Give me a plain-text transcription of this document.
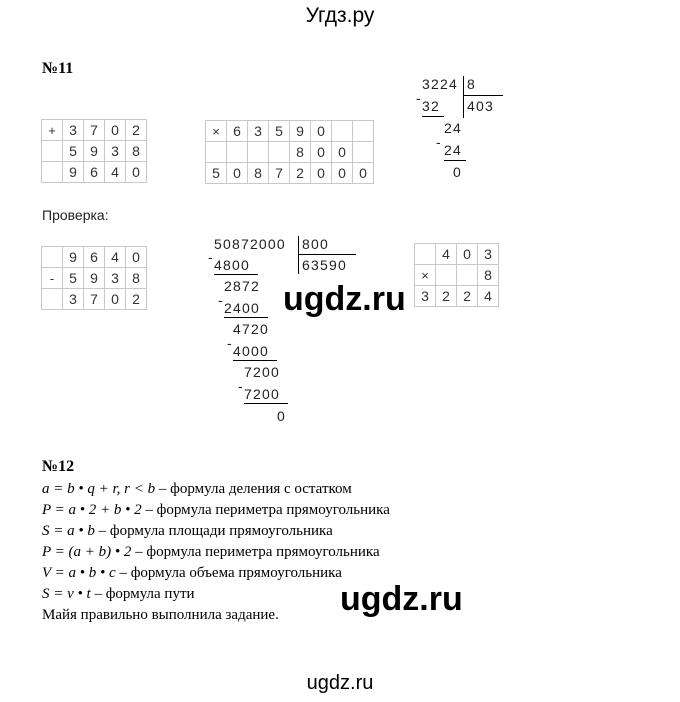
Угдз.ру
№11
+	3	7	0	2
	5	9	3	8
	9	6	4	0
×	6	3	5	9	0		
				8	0	0	
5	0	8	7	2	0	0	0
3224 8
403
- 32
24
- 24
0
Проверка:
	9	6	4	0
-	5	9	3	8
	3	7	0	2
50872000 800
63590
- 4800
2872
- 2400
4720
- 4000
7200
- 7200
0
	4	0	3
×			8
3	2	2	4
ugdz.ru
№12
a = b • q + r, r < b – формула деления с остатком
P = a • 2 + b • 2 – формула периметра прямоугольника
S = a • b – формула площади прямоугольника
P = (a + b) • 2 – формула периметра прямоугольника
V = a • b • c – формула объема прямоугольника
S = v • t – формула пути
Майя правильно выполнила задание.	ugdz.ru
ugdz.ru
